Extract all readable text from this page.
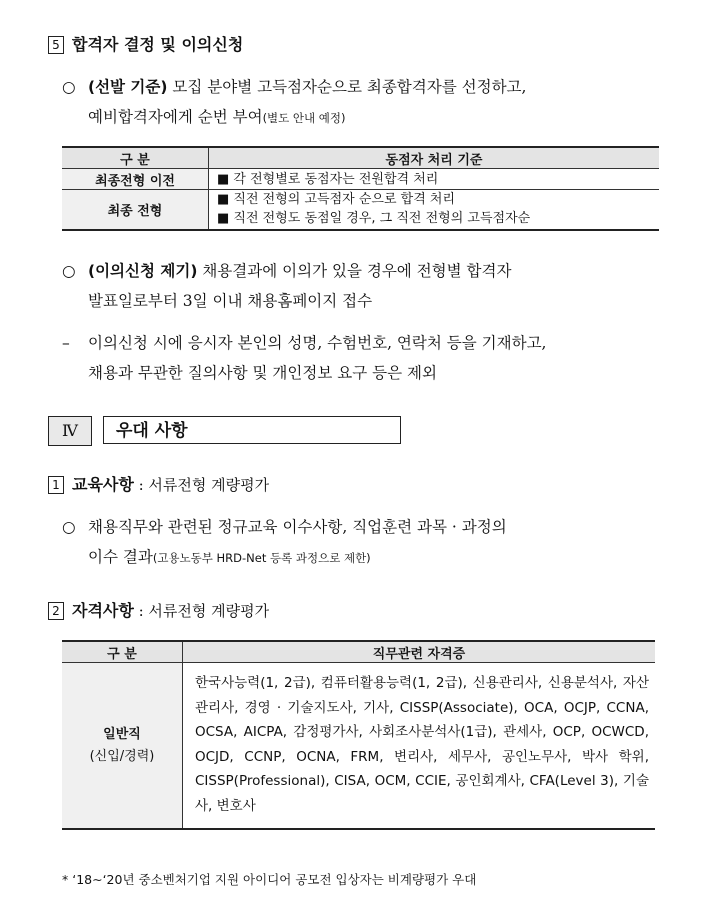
5 합격자 결정 및 이의신청
○ (선발 기준) 모집 분야별 고득점자순으로 최종합격자를 선정하고,
예비합격자에게 순번 부여(별도 안내 예정)
구 분	동점자 처리 기준
최종전형 이전	■ 각 전형별로 동점자는 전원합격 처리

최종 전형	■ 직전 전형의 고득점자 순으로 합격 처리
■ 직전 전형도 동점일 경우, 그 직전 전형의 고득점자순
○ (이의신청 제기) 채용결과에 이의가 있을 경우에 전형별 합격자
발표일로부터 3일 이내 채용홈페이지 접수
– 이의신청 시에 응시자 본인의 성명, 수험번호, 연락처 등을 기재하고,
채용과 무관한 질의사항 및 개인정보 요구 등은 제외
Ⅳ	우대 사항
1 교육사항 : 서류전형 계량평가
○ 채용직무와 관련된 정규교육 이수사항, 직업훈련 과목 · 과정의
이수 결과(고용노동부 HRD-Net 등록 과정으로 제한)
2 자격사항 : 서류전형 계량평가
구 분	직무관련 자격증

일반직
(신입/경력)	한국사능력(1, 2급), 컴퓨터활용능력(1, 2급), 신용관리사, 신용분석사, 자산관리사, 경영 · 기술지도사, 기사, CISSP(Associate), OCA, OCJP, CCNA, OCSA, AICPA, 감정평가사, 사회조사분석사(1급), 관세사, OCP, OCWCD, OCJD, CCNP, OCNA, FRM, 변리사, 세무사, 공인노무사, 박사 학위, CISSP(Professional), CISA, OCM, CCIE, 공인회계사, CFA(Level 3), 기술사, 변호사
* ‘18∼‘20년 중소벤처기업 지원 아이디어 공모전 입상자는 비계량평가 우대
